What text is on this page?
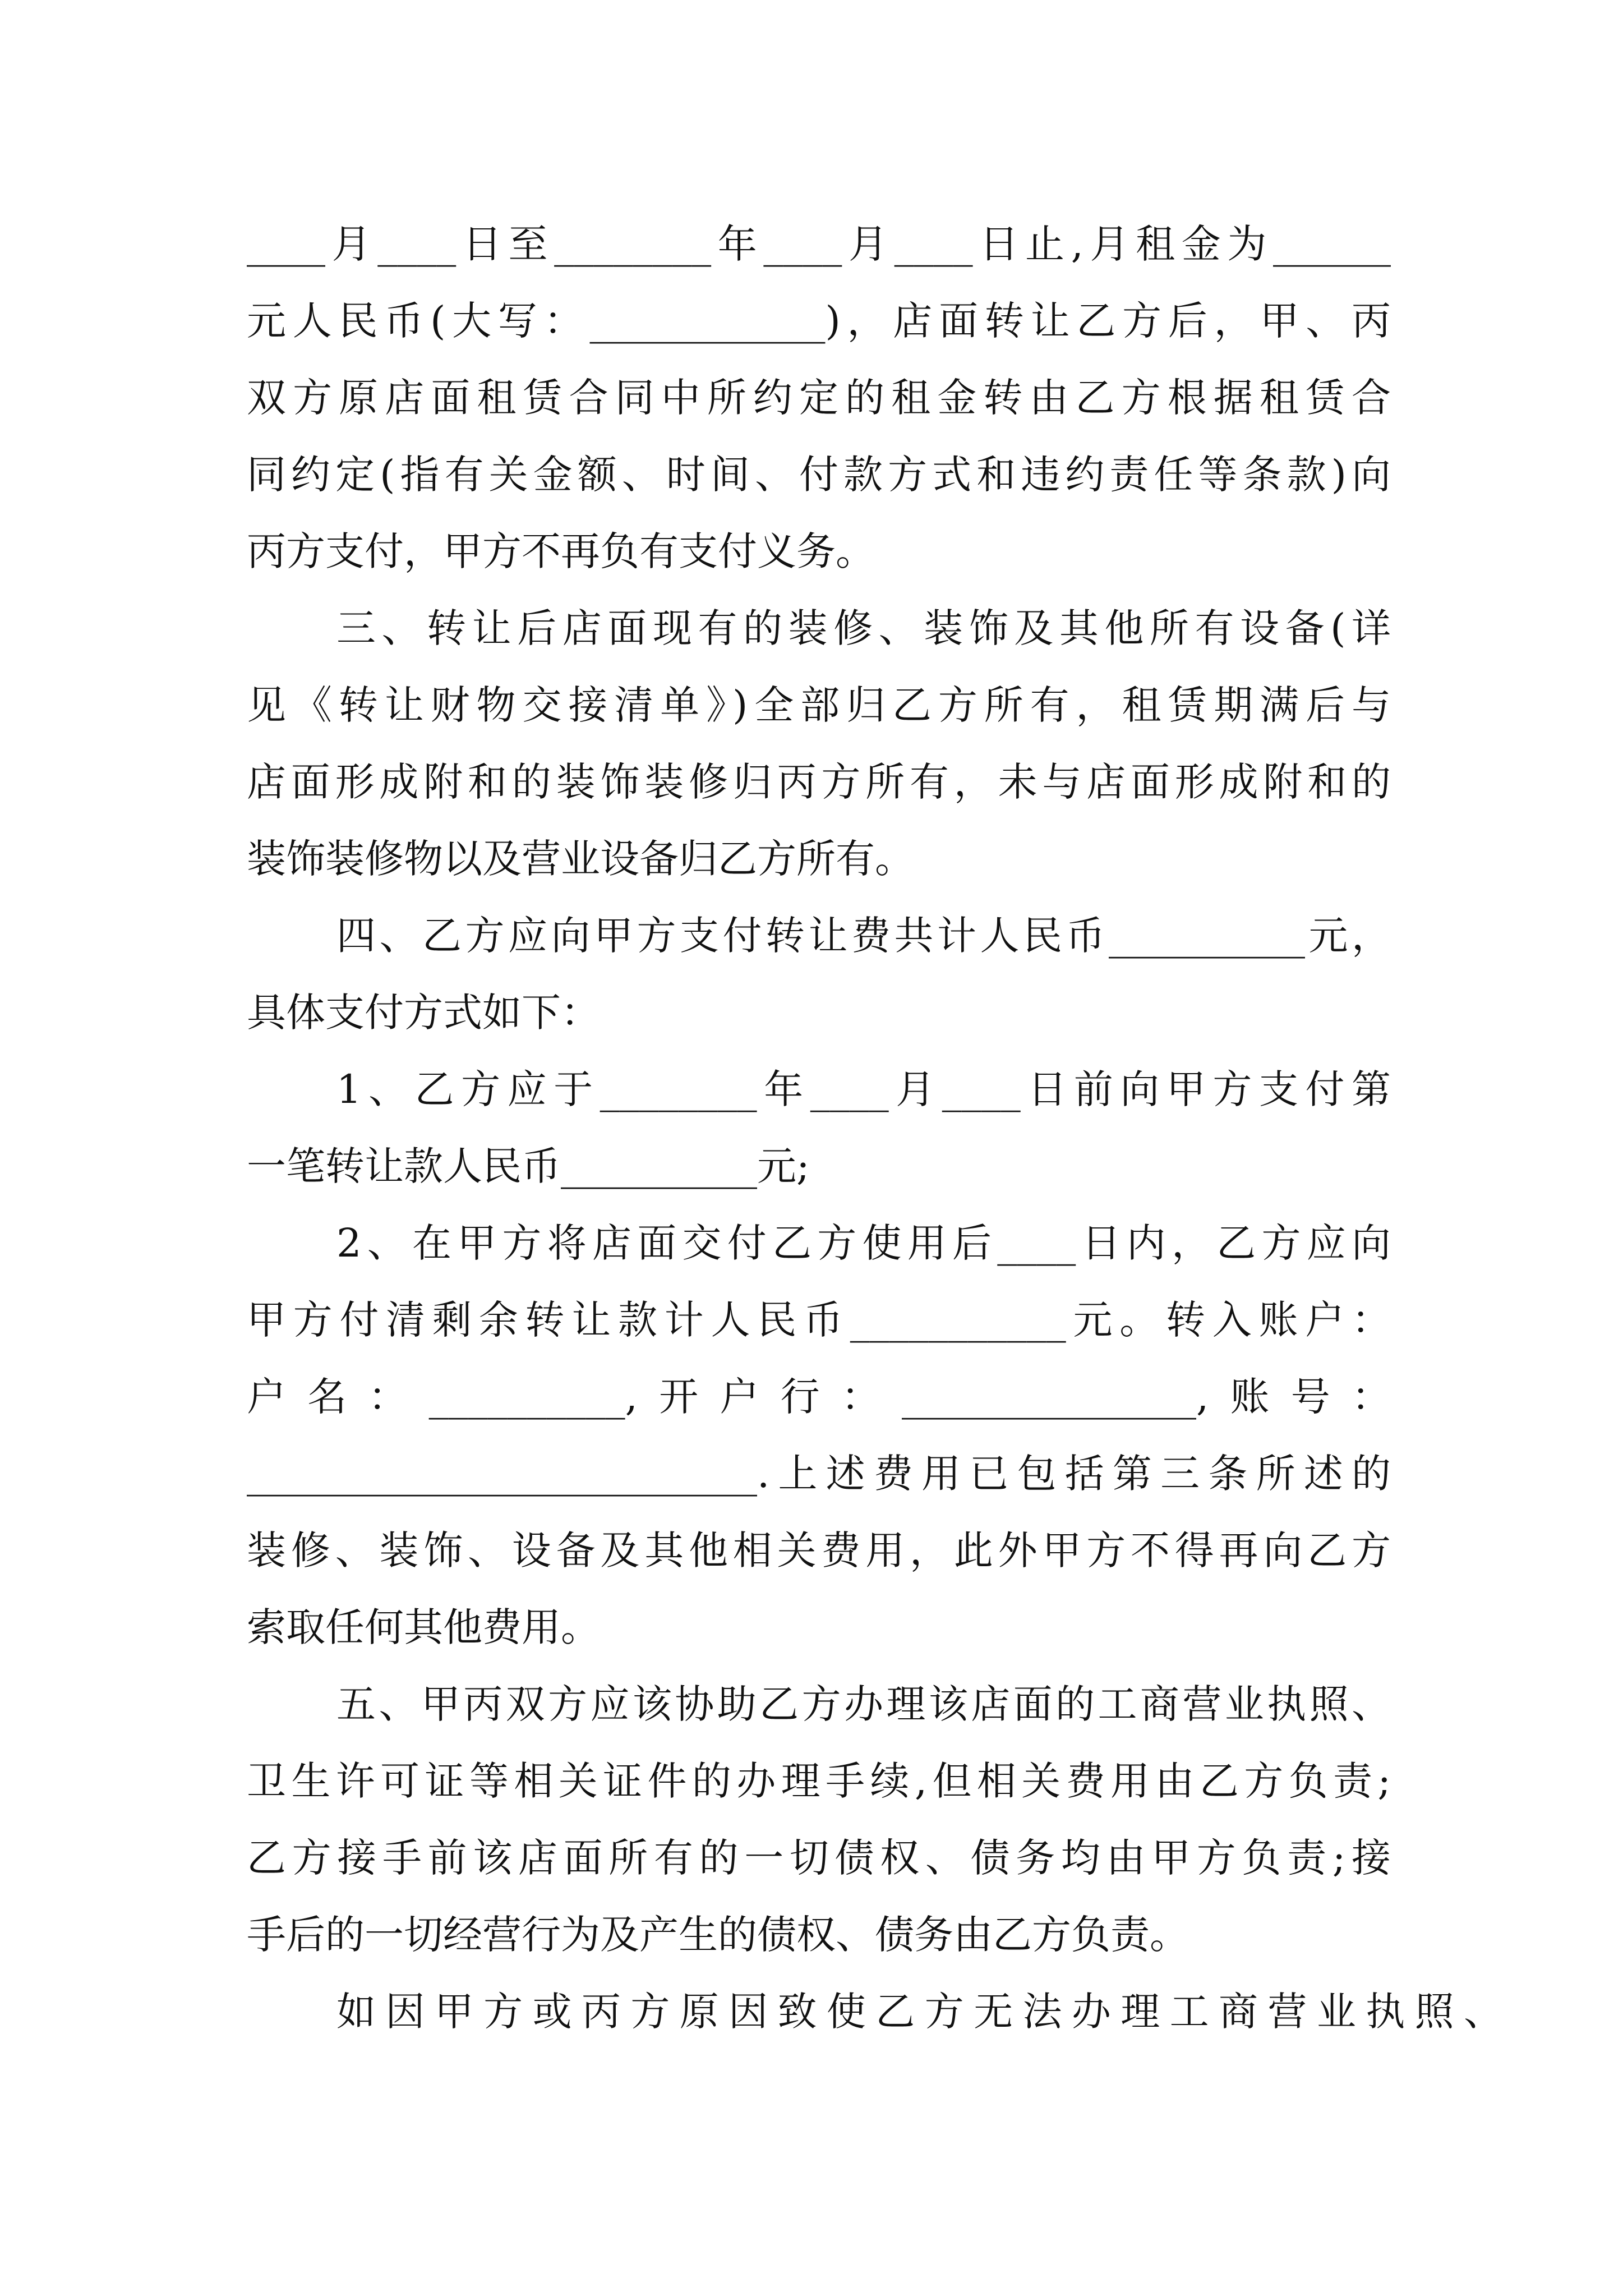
____月____日至________年____月____日止,月租金为______
元人民币(大写：____________)，店面转让乙方后，甲、丙
双方原店面租赁合同中所约定的租金转由乙方根据租赁合
同约定(指有关金额、时间、付款方式和违约责任等条款)向
丙方支付，甲方不再负有支付义务。
三、转让后店面现有的装修、装饰及其他所有设备(详
见《转让财物交接清单》)全部归乙方所有，租赁期满后与
店面形成附和的装饰装修归丙方所有，未与店面形成附和的
装饰装修物以及营业设备归乙方所有。
四、乙方应向甲方支付转让费共计人民币__________元，
具体支付方式如下：
1、乙方应于________年____月____日前向甲方支付第
一笔转让款人民币__________元;
2、在甲方将店面交付乙方使用后____日内，乙方应向
甲方付清剩余转让款计人民币___________元。转入账户：
户名：__________,开户行：_______________,账号：
__________________________.上述费用已包括第三条所述的
装修、装饰、设备及其他相关费用，此外甲方不得再向乙方
索取任何其他费用。
五、甲丙双方应该协助乙方办理该店面的工商营业执照、
卫生许可证等相关证件的办理手续,但相关费用由乙方负责;
乙方接手前该店面所有的一切债权、债务均由甲方负责;接
手后的一切经营行为及产生的债权、债务由乙方负责。
如因甲方或丙方原因致使乙方无法办理工商营业执照、
